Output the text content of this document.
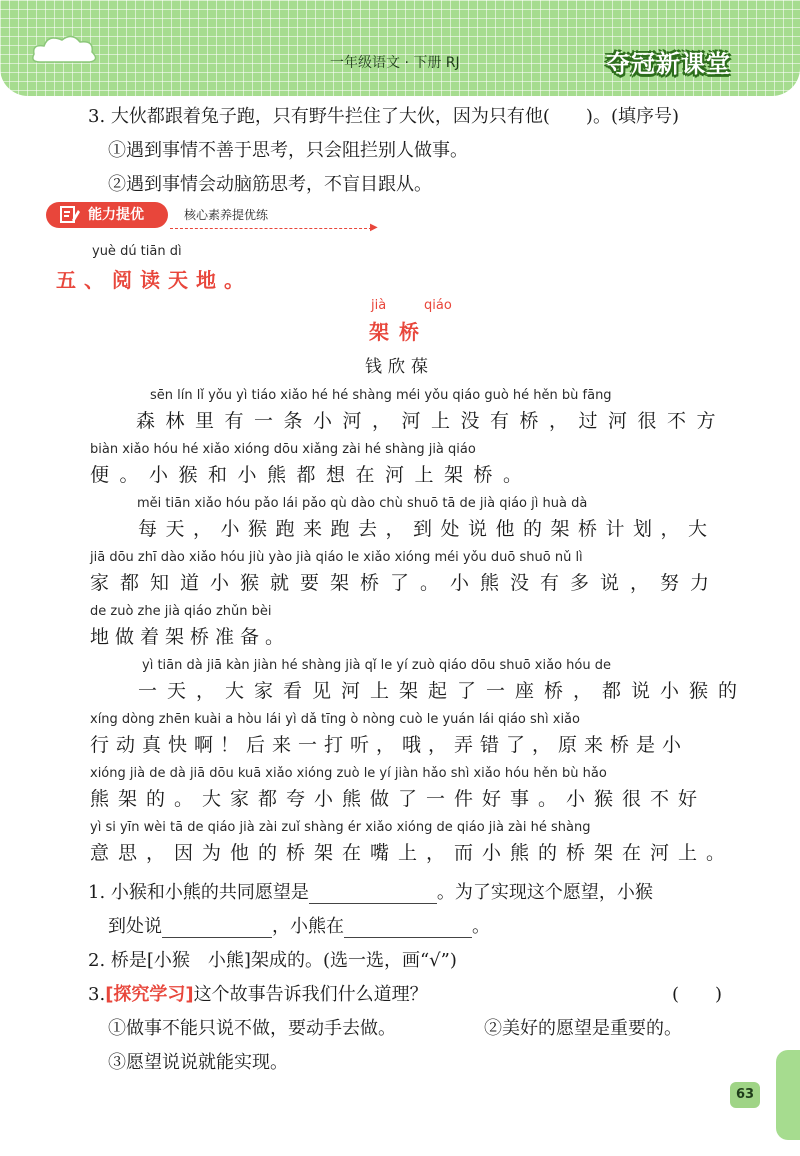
一年级语文 · 下册 RJ	夺冠新课堂
3. 大伙都跟着兔子跑，只有野牛拦住了大伙，因为只有他(　　)。(填序号)
①遇到事情不善于思考，只会阻拦别人做事。
②遇到事情会动脑筋思考，不盲目跟从。
能力提优	核心素养提优练
▶
yuè dú tiān dì
五、阅读天地。
jià	qiáo
架桥
钱欣葆
sēn lín lǐ yǒu yì tiáo xiǎo hé hé shàng méi yǒu qiáo guò hé hěn bù fāng
森林里有一条小河，河上没有桥，过河很不方
biàn xiǎo hóu hé xiǎo xióng dōu xiǎng zài hé shàng jià qiáo
便。小猴和小熊都想在河上架桥。
měi tiān xiǎo hóu pǎo lái pǎo qù dào chù shuō tā de jià qiáo jì huà dà
每天，小猴跑来跑去，到处说他的架桥计划，大
jiā dōu zhī dào xiǎo hóu jiù yào jià qiáo le xiǎo xióng méi yǒu duō shuō nǔ lì
家都知道小猴就要架桥了。小熊没有多说，努力
de zuò zhe jià qiáo zhǔn bèi
地做着架桥准备。
yì tiān dà jiā kàn jiàn hé shàng jià qǐ le yí zuò qiáo dōu shuō xiǎo hóu de
一天，大家看见河上架起了一座桥，都说小猴的
xíng dòng zhēn kuài a hòu lái yì dǎ tīng ò nòng cuò le yuán lái qiáo shì xiǎo
行动真快啊！后来一打听，哦，弄错了，原来桥是小
xióng jià de dà jiā dōu kuā xiǎo xióng zuò le yí jiàn hǎo shì xiǎo hóu hěn bù hǎo
熊架的。大家都夸小熊做了一件好事。小猴很不好
yì si yīn wèi tā de qiáo jià zài zuǐ shàng ér xiǎo xióng de qiáo jià zài hé shàng
意思，因为他的桥架在嘴上，而小熊的桥架在河上。
1. 小猴和小熊的共同愿望是	。为了实现这个愿望，小猴
到处说	，小熊在	。
2. 桥是[小猴　小熊]架成的。(选一选，画“√”)
3.[探究学习]这个故事告诉我们什么道理？	(　　)
①做事不能只说不做，要动手去做。	②美好的愿望是重要的。
③愿望说说就能实现。
63
